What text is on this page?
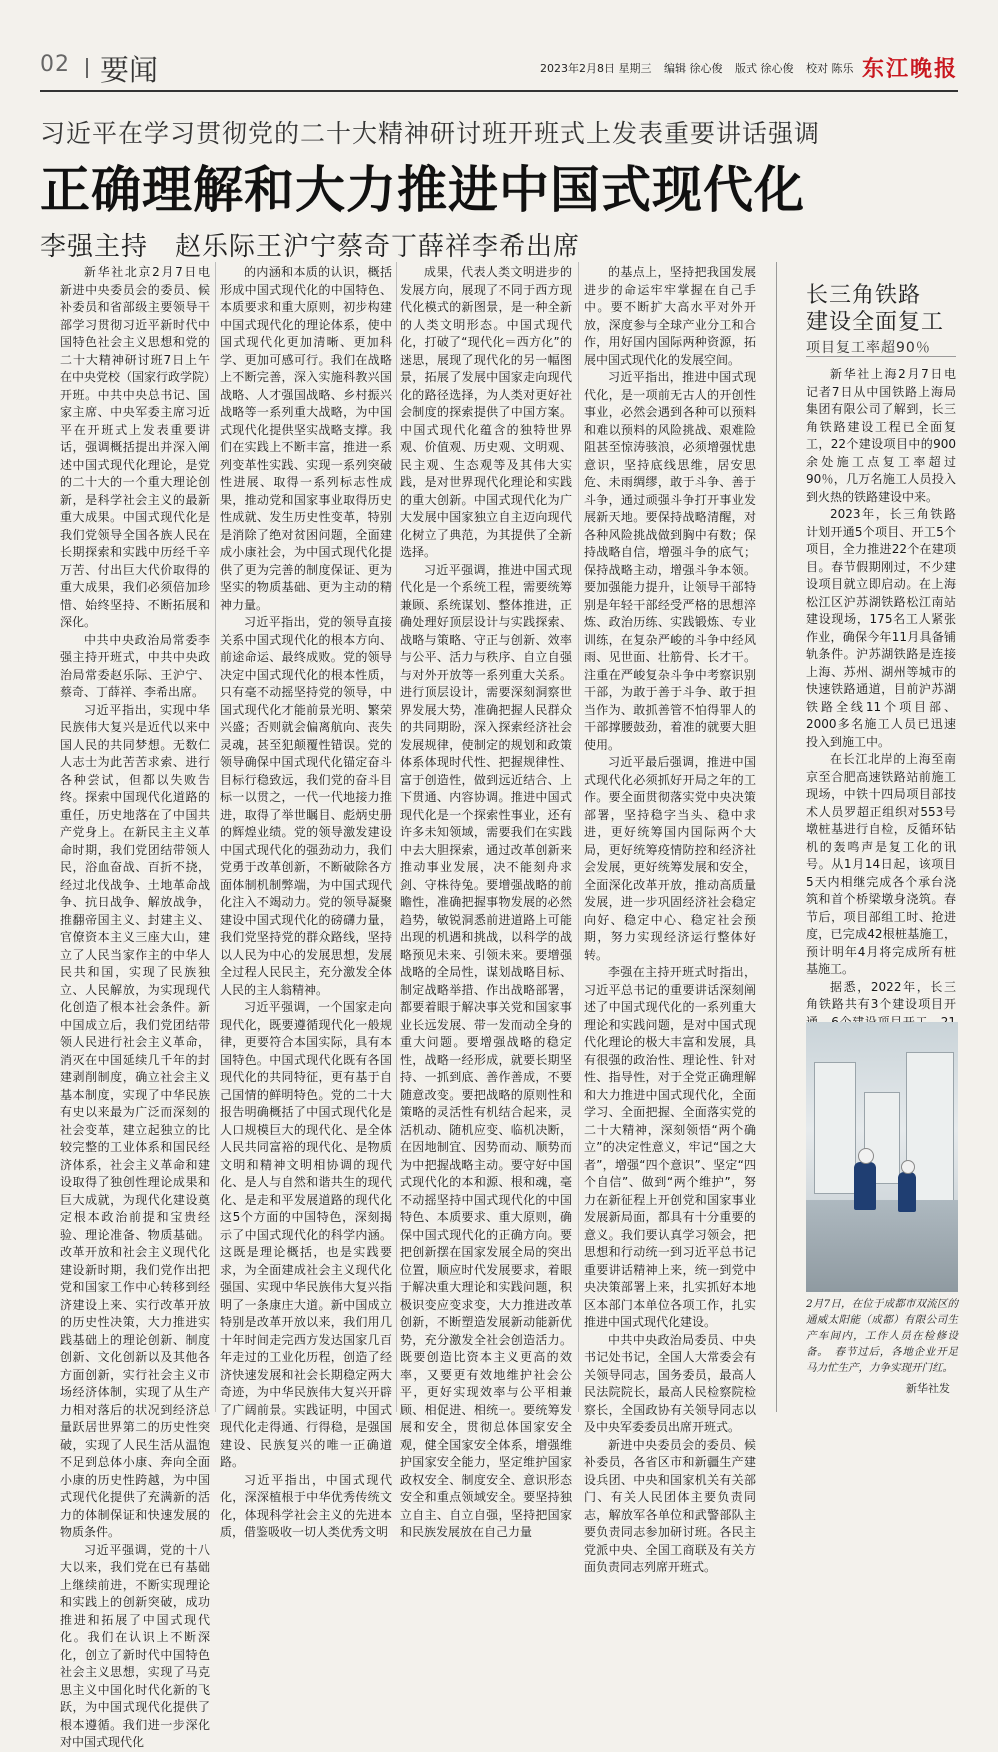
02 要闻	2023年2月8日 星期三 编辑 徐心俊 版式 徐心俊 校对 陈乐 东江晚报
习近平在学习贯彻党的二十大精神研讨班开班式上发表重要讲话强调
正确理解和大力推进中国式现代化
李强主持　赵乐际王沪宁蔡奇丁薛祥李希出席

新华社北京2月7日电 新进中央委员会的委员、候补委员和省部级主要领导干部学习贯彻习近平新时代中国特色社会主义思想和党的二十大精神研讨班7日上午在中央党校（国家行政学院）开班。中共中央总书记、国家主席、中央军委主席习近平在开班式上发表重要讲话，强调概括提出并深入阐述中国式现代化理论，是党的二十大的一个重大理论创新，是科学社会主义的最新重大成果。中国式现代化是我们党领导全国各族人民在长期探索和实践中历经千辛万苦、付出巨大代价取得的重大成果，我们必须倍加珍惜、始终坚持、不断拓展和深化。

中共中央政治局常委李强主持开班式，中共中央政治局常委赵乐际、王沪宁、蔡奇、丁薛祥、李希出席。

习近平指出，实现中华民族伟大复兴是近代以来中国人民的共同梦想。无数仁人志士为此苦苦求索、进行各种尝试，但都以失败告终。探索中国现代化道路的重任，历史地落在了中国共产党身上。在新民主主义革命时期，我们党团结带领人民，浴血奋战、百折不挠，经过北伐战争、土地革命战争、抗日战争、解放战争，推翻帝国主义、封建主义、官僚资本主义三座大山，建立了人民当家作主的中华人民共和国，实现了民族独立、人民解放，为实现现代化创造了根本社会条件。新中国成立后，我们党团结带领人民进行社会主义革命，消灭在中国延续几千年的封建剥削制度，确立社会主义基本制度，实现了中华民族有史以来最为广泛而深刻的社会变革，建立起独立的比较完整的工业体系和国民经济体系，社会主义革命和建设取得了独创性理论成果和巨大成就，为现代化建设奠定根本政治前提和宝贵经验、理论准备、物质基础。改革开放和社会主义现代化建设新时期，我们党作出把党和国家工作中心转移到经济建设上来、实行改革开放的历史性决策，大力推进实践基础上的理论创新、制度创新、文化创新以及其他各方面创新，实行社会主义市场经济体制，实现了从生产力相对落后的状况到经济总量跃居世界第二的历史性突破，实现了人民生活从温饱不足到总体小康、奔向全面小康的历史性跨越，为中国式现代化提供了充满新的活力的体制保证和快速发展的物质条件。

习近平强调，党的十八大以来，我们党在已有基础上继续前进，不断实现理论和实践上的创新突破，成功推进和拓展了中国式现代化。我们在认识上不断深化，创立了新时代中国特色社会主义思想，实现了马克思主义中国化时代化新的飞跃，为中国式现代化提供了根本遵循。我们进一步深化对中国式现代化

的内涵和本质的认识，概括形成中国式现代化的中国特色、本质要求和重大原则，初步构建中国式现代化的理论体系，使中国式现代化更加清晰、更加科学、更加可感可行。我们在战略上不断完善，深入实施科教兴国战略、人才强国战略、乡村振兴战略等一系列重大战略，为中国式现代化提供坚实战略支撑。我们在实践上不断丰富，推进一系列变革性实践、实现一系列突破性进展、取得一系列标志性成果，推动党和国家事业取得历史性成就、发生历史性变革，特别是消除了绝对贫困问题，全面建成小康社会，为中国式现代化提供了更为完善的制度保证、更为坚实的物质基础、更为主动的精神力量。

习近平指出，党的领导直接关系中国式现代化的根本方向、前途命运、最终成败。党的领导决定中国式现代化的根本性质，只有毫不动摇坚持党的领导，中国式现代化才能前景光明、繁荣兴盛；否则就会偏离航向、丧失灵魂，甚至犯颠覆性错误。党的领导确保中国式现代化锚定奋斗目标行稳致远，我们党的奋斗目标一以贯之，一代一代地接力推进，取得了举世瞩目、彪炳史册的辉煌业绩。党的领导激发建设中国式现代化的强劲动力，我们党勇于改革创新，不断破除各方面体制机制弊端，为中国式现代化注入不竭动力。党的领导凝聚建设中国式现代化的磅礴力量，我们党坚持党的群众路线，坚持以人民为中心的发展思想，发展全过程人民民主，充分激发全体人民的主人翁精神。

习近平强调，一个国家走向现代化，既要遵循现代化一般规律，更要符合本国实际，具有本国特色。中国式现代化既有各国现代化的共同特征，更有基于自己国情的鲜明特色。党的二十大报告明确概括了中国式现代化是人口规模巨大的现代化、是全体人民共同富裕的现代化、是物质文明和精神文明相协调的现代化、是人与自然和谐共生的现代化、是走和平发展道路的现代化这5个方面的中国特色，深刻揭示了中国式现代化的科学内涵。这既是理论概括，也是实践要求，为全面建成社会主义现代化强国、实现中华民族伟大复兴指明了一条康庄大道。新中国成立特别是改革开放以来，我们用几十年时间走完西方发达国家几百年走过的工业化历程，创造了经济快速发展和社会长期稳定两大奇迹，为中华民族伟大复兴开辟了广阔前景。实践证明，中国式现代化走得通、行得稳，是强国建设、民族复兴的唯一正确道路。

习近平指出，中国式现代化，深深植根于中华优秀传统文化，体现科学社会主义的先进本质，借鉴吸收一切人类优秀文明

成果，代表人类文明进步的发展方向，展现了不同于西方现代化模式的新图景，是一种全新的人类文明形态。中国式现代化，打破了“现代化＝西方化”的迷思，展现了现代化的另一幅图景，拓展了发展中国家走向现代化的路径选择，为人类对更好社会制度的探索提供了中国方案。中国式现代化蕴含的独特世界观、价值观、历史观、文明观、民主观、生态观等及其伟大实践，是对世界现代化理论和实践的重大创新。中国式现代化为广大发展中国家独立自主迈向现代化树立了典范，为其提供了全新选择。

习近平强调，推进中国式现代化是一个系统工程，需要统筹兼顾、系统谋划、整体推进，正确处理好顶层设计与实践探索、战略与策略、守正与创新、效率与公平、活力与秩序、自立自强与对外开放等一系列重大关系。进行顶层设计，需要深刻洞察世界发展大势，准确把握人民群众的共同期盼，深入探索经济社会发展规律，使制定的规划和政策体系体现时代性、把握规律性、富于创造性，做到远近结合、上下贯通、内容协调。推进中国式现代化是一个探索性事业，还有许多未知领域，需要我们在实践中去大胆探索，通过改革创新来推动事业发展，决不能刻舟求剑、守株待兔。要增强战略的前瞻性，准确把握事物发展的必然趋势，敏锐洞悉前进道路上可能出现的机遇和挑战，以科学的战略预见未来、引领未来。要增强战略的全局性，谋划战略目标、制定战略举措、作出战略部署，都要着眼于解决事关党和国家事业长远发展、带一发而动全身的重大问题。要增强战略的稳定性，战略一经形成，就要长期坚持、一抓到底、善作善成，不要随意改变。要把战略的原则性和策略的灵活性有机结合起来，灵活机动、随机应变、临机决断，在因地制宜、因势而动、顺势而为中把握战略主动。要守好中国式现代化的本和源、根和魂，毫不动摇坚持中国式现代化的中国特色、本质要求、重大原则，确保中国式现代化的正确方向。要把创新摆在国家发展全局的突出位置，顺应时代发展要求，着眼于解决重大理论和实践问题，积极识变应变求变，大力推进改革创新，不断塑造发展新动能新优势，充分激发全社会创造活力。既要创造比资本主义更高的效率，又要更有效地维护社会公平，更好实现效率与公平相兼顾、相促进、相统一。要统筹发展和安全，贯彻总体国家安全观，健全国家安全体系，增强维护国家安全能力，坚定维护国家政权安全、制度安全、意识形态安全和重点领域安全。要坚持独立自主、自立自强，坚持把国家和民族发展放在自己力量

的基点上，坚持把我国发展进步的命运牢牢掌握在自己手中。要不断扩大高水平对外开放，深度参与全球产业分工和合作，用好国内国际两种资源，拓展中国式现代化的发展空间。

习近平指出，推进中国式现代化，是一项前无古人的开创性事业，必然会遇到各种可以预料和难以预料的风险挑战、艰难险阻甚至惊涛骇浪，必须增强忧患意识，坚持底线思维，居安思危、未雨绸缪，敢于斗争、善于斗争，通过顽强斗争打开事业发展新天地。要保持战略清醒，对各种风险挑战做到胸中有数；保持战略自信，增强斗争的底气；保持战略主动，增强斗争本领。要加强能力提升，让领导干部特别是年轻干部经受严格的思想淬炼、政治历练、实践锻炼、专业训练，在复杂严峻的斗争中经风雨、见世面、壮筋骨、长才干。注重在严峻复杂斗争中考察识别干部，为敢于善于斗争、敢于担当作为、敢抓善管不怕得罪人的干部撑腰鼓劲，着准的就要大胆使用。

习近平最后强调，推进中国式现代化必须抓好开局之年的工作。要全面贯彻落实党中央决策部署，坚持稳字当头、稳中求进，更好统筹国内国际两个大局，更好统筹疫情防控和经济社会发展，更好统筹发展和安全，全面深化改革开放，推动高质量发展，进一步巩固经济社会稳定向好、稳定中心、稳定社会预期，努力实现经济运行整体好转。

李强在主持开班式时指出，习近平总书记的重要讲话深刻阐述了中国式现代化的一系列重大理论和实践问题，是对中国式现代化理论的极大丰富和发展，具有很强的政治性、理论性、针对性、指导性，对于全党正确理解和大力推进中国式现代化，全面学习、全面把握、全面落实党的二十大精神，深刻领悟“两个确立”的决定性意义，牢记“国之大者”，增强“四个意识”、坚定“四个自信”、做到“两个维护”，努力在新征程上开创党和国家事业发展新局面，都具有十分重要的意义。我们要认真学习领会，把思想和行动统一到习近平总书记重要讲话精神上来，统一到党中央决策部署上来，扎实抓好本地区本部门本单位各项工作，扎实推进中国式现代化建设。

中共中央政治局委员、中央书记处书记，全国人大常委会有关领导同志，国务委员，最高人民法院院长，最高人民检察院检察长，全国政协有关领导同志以及中央军委委员出席开班式。

新进中央委员会的委员、候补委员，各省区市和新疆生产建设兵团、中央和国家机关有关部门、有关人民团体主要负责同志，解放军各单位和武警部队主要负责同志参加研讨班。各民主党派中央、全国工商联及有关方面负责同志列席开班式。

长三角铁路
建设全面复工
项目复工率超90％

新华社上海2月7日电 记者7日从中国铁路上海局集团有限公司了解到，长三角铁路建设工程已全面复工，22个建设项目中的900余处施工点复工率超过90％，几万名施工人员投入到火热的铁路建设中来。

2023年，长三角铁路计划开通5个项目、开工5个项目，全力推进22个在建项目。春节假期刚过，不少建设项目就立即启动。在上海松江区沪苏湖铁路松江南站建设现场，175名工人紧张作业，确保今年11月具备铺轨条件。沪苏湖铁路是连接上海、苏州、湖州等城市的快速铁路通道，目前沪苏湖铁路全线11个项目部、2000多名施工人员已迅速投入到施工中。

在长江北岸的上海至南京至合肥高速铁路站前施工现场，中铁十四局项目部技术人员罗超正组织对553号墩桩基进行自检，反循环钻机的轰鸣声是复工化的讯号。从1月14日起，该项目5天内相继完成各个承台浇筑和首个桥梁墩身浇筑。春节后，项目部组工时、抢进度，已完成42根桩基施工，预计明年4月将完成所有桩基施工。

据悉，2022年，长三角铁路共有3个建设项目开

2月7日，在位于成都市双流区的通威太阳能（成都）有限公司生产车间内，工作人员在检修设备。　春节过后，各地企业开足马力忙生产，力争实现开门红。
新华社发
